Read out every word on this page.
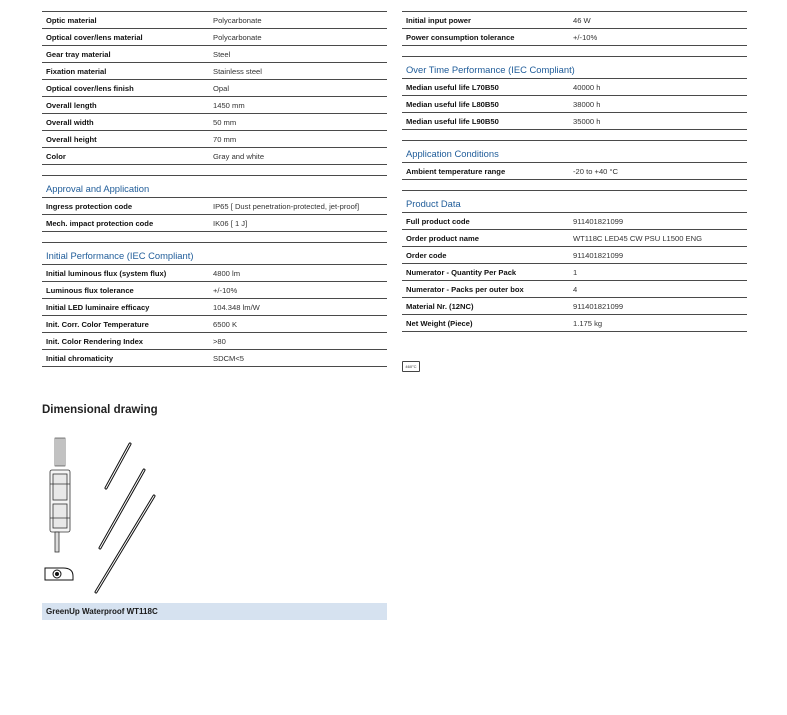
Optic material	Polycarbonate
Optical cover/lens material	Polycarbonate
Gear tray material	Steel
Fixation material	Stainless steel
Optical cover/lens finish	Opal
Overall length	1450 mm
Overall width	50 mm
Overall height	70 mm
Color	Gray and white
Approval and Application
Ingress protection code	IP65 [ Dust penetration-protected, jet-proof]
Mech. impact protection code	IK06 [ 1 J]
Initial Performance (IEC Compliant)
Initial luminous flux (system flux)	4800 lm
Luminous flux tolerance	+/-10%
Initial LED luminaire efficacy	104.348 lm/W
Init. Corr. Color Temperature	6500 K
Init. Color Rendering Index	>80
Initial chromaticity	SDCM<5
Initial input power	46 W
Power consumption tolerance	+/-10%
Over Time Performance (IEC Compliant)
Median useful life L70B50	40000 h
Median useful life L80B50	38000 h
Median useful life L90B50	35000 h
Application Conditions
Ambient temperature range	-20 to +40 °C
Product Data
Full product code	911401821099
Order product name	WT118C LED45 CW PSU L1500 ENG
Order code	911401821099
Numerator - Quantity Per Pack	1
Numerator - Packs per outer box	4
Material Nr. (12NC)	911401821099
Net Weight (Piece)	1.175 kg
460°C
Dimensional drawing
GreenUp Waterproof WT118C
